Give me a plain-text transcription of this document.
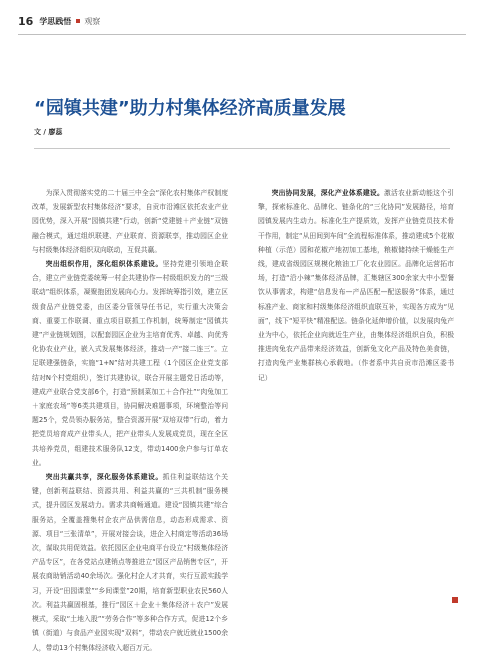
16 学思践悟 观察
“园镇共建”助力村集体经济高质量发展

文 / 廖蕊

为深入贯彻落实党的二十届三中全会“深化农村集体产权制度改革，发展新型农村集体经济”要求，自贡市沿滩区依托农业产业园优势，深入开展“园镇共建”行动，创新“党建链＋产业链”双链融合模式，通过组织联建、产业联育、资源联享，推动园区企业与村级集体经济组织双向联动，互促共赢。

突出组织作用，深化组织体系建设。坚持党建引领地企联合，建立产业链党委统筹一村企共建协作—村级组织发力的“三级联动”组织体系，凝聚抱团发展向心力。发挥统筹指引效，建立区级食品产业链党委，由区委分管领导任书记，实行重大决策会商、重要工作联调、重点项目联抓工作机制，统筹制定“园镇共建”产业链规划图，以配套园区企业为主培育优秀、卓越、向优秀化协农业产业，嵌入式发展集体经济，推动一产“接二连三”。立足联建强链条，实施“1+N”结对共建工程（1个园区企业党支部结对N个村党组织），签订共建协议，联合开展主题党日活动等，建成产业联合党支部6个，打造“预制菜加工＋合作社”“肉兔加工＋家庭农场”等6类共建项目，协同解决难题事项，环境整治等问题25个，党员领办服务站，整合资源开展“双培双带”行动，着力把党员培育成产业带头人，把产业带头人发展成党员，现在全区共培养党员，组建技术服务队12支，带动1400余户参与订单农业。

突出共赢共享，深化服务体系建设。抓住利益联结这个关键，创新利益联结、资源共用、利益共赢的“三共机制”服务模式，提升园区发展动力。需求共商畅通道。建设“园镇共建”综合服务站，全覆盖搜集村企农产品供需信息，动态形成需求、资源、项目“三张清单”，开展对接会谈，进企入村商定等活动36场次，谋取共用促效益。依托园区企业电商平台设立“村级集体经济产品专区”，在各党站点建销点等推进立“园区产品销售专区”，开展农商助销活动40余场次。强化村企人才共育，实行互派实践学习，开设“田园课堂”“乡间课堂”20期，培育新型职业农民560人次。利益共赢固根基，推行“园区＋企业＋集体经济＋农户”发展模式，采取“土地入股”“劳务合作”等多种合作方式，促进12个乡镇（街道）与食品产业园实现“双料”，带动农户就近就业1500余人，带动13个村集体经济收入超百万元。

突出协同发展，深化产业体系建设。激活农业新动能这个引擎，探索标准化、品牌化、链条化的“三化协同”发展路径，培育园镇发展内生动力。标准化生产提质效，发挥产业链党员技术骨干作用，制定“从田间到车间”全流程标准体系，推动建成5个花椒种植（示范）园和花椒产地初加工基地，粮椒储持续干燥能生产线，建成省级园区规模化粮油工厂化农业园区。品牌化运营拓市场，打造“沿小辣”集体经济品牌，汇集辖区300余家大中小型餐饮从事需求，构建“信息发布—产品匹配—配送服务”体系，通过标准产业、商家和村级集体经济组织直联互补，实现各方成为“见面”，线下“短平快”精准配送。链条化延伸增价值，以发展肉兔产业为中心，依托企业向就近生产业，由集体经济组织自负，积极推进肉兔农产品带来经济效益，创新兔文化产品及特色美食链，打造肉兔产业集群核心承载地。（作者系中共自贡市沿滩区委书记）
